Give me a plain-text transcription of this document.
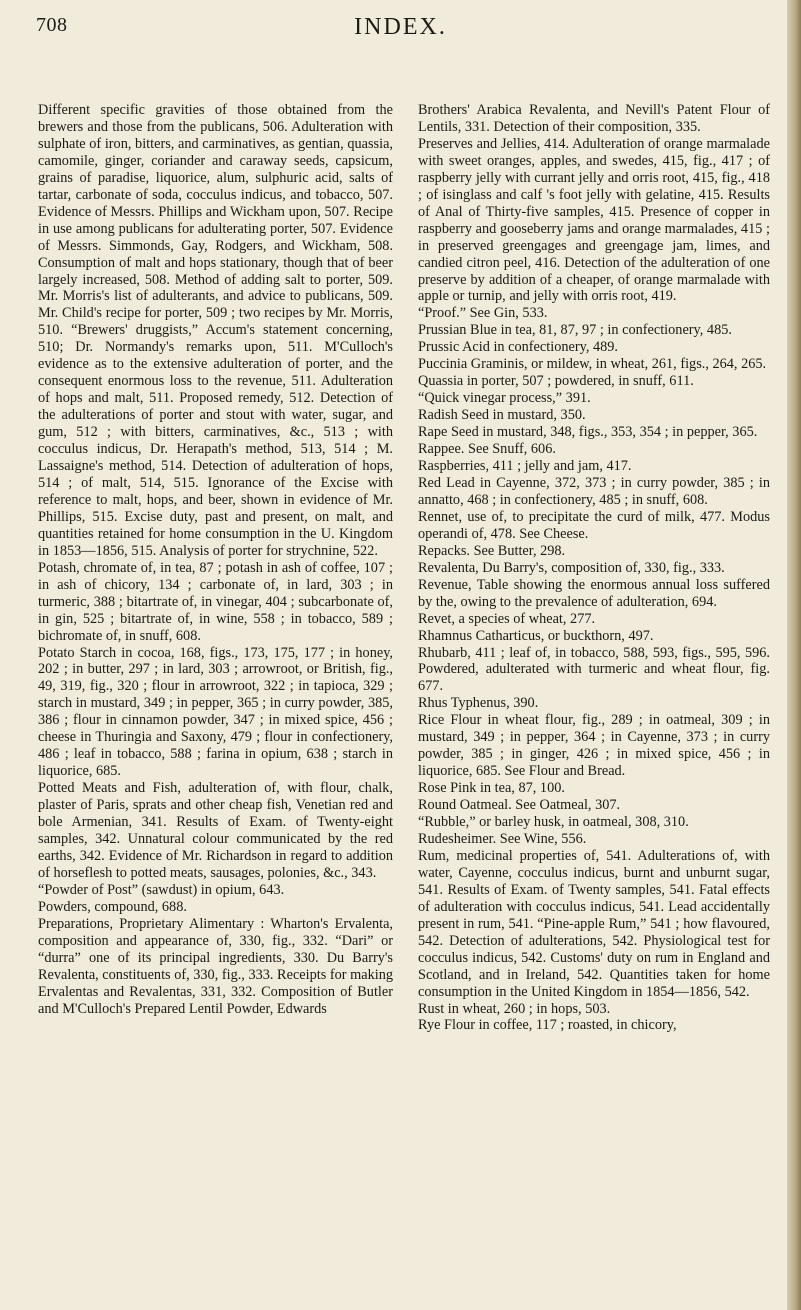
708	INDEX.

Different specific gravities of those obtained from the brewers and those from the publicans, 506. Adulteration with sulphate of iron, bitters, and carminatives, as gentian, quassia, camomile, ginger, coriander and caraway seeds, capsicum, grains of paradise, liquorice, alum, sulphuric acid, salts of tartar, carbonate of soda, cocculus indicus, and tobacco, 507. Evidence of Messrs. Phillips and Wickham upon, 507. Recipe in use among publicans for adulterating porter, 507. Evidence of Messrs. Simmonds, Gay, Rodgers, and Wickham, 508. Consumption of malt and hops stationary, though that of beer largely increased, 508. Method of adding salt to porter, 509. Mr. Morris's list of adulterants, and advice to publicans, 509. Mr. Child's recipe for porter, 509 ; two recipes by Mr. Morris, 510. “Brewers' druggists,” Accum's statement concerning, 510; Dr. Normandy's remarks upon, 511. M'Culloch's evidence as to the extensive adulteration of porter, and the consequent enormous loss to the revenue, 511. Adulteration of hops and malt, 511. Proposed remedy, 512. Detection of the adulterations of porter and stout with water, sugar, and gum, 512 ; with bitters, carminatives, &c., 513 ; with cocculus indicus, Dr. Herapath's method, 513, 514 ; M. Lassaigne's method, 514. Detection of adulteration of hops, 514 ; of malt, 514, 515. Ignorance of the Excise with reference to malt, hops, and beer, shown in evidence of Mr. Phillips, 515. Excise duty, past and present, on malt, and quantities retained for home consumption in the U. Kingdom in 1853—1856, 515. Analysis of porter for strychnine, 522.

Potash, chromate of, in tea, 87 ; potash in ash of coffee, 107 ; in ash of chicory, 134 ; carbonate of, in lard, 303 ; in turmeric, 388 ; bitartrate of, in vinegar, 404 ; subcarbonate of, in gin, 525 ; bitartrate of, in wine, 558 ; in tobacco, 589 ; bichromate of, in snuff, 608.

Potato Starch in cocoa, 168, figs., 173, 175, 177 ; in honey, 202 ; in butter, 297 ; in lard, 303 ; arrowroot, or British, fig., 49, 319, fig., 320 ; flour in arrowroot, 322 ; in tapioca, 329 ; starch in mustard, 349 ; in pepper, 365 ; in curry powder, 385, 386 ; flour in cinnamon powder, 347 ; in mixed spice, 456 ; cheese in Thuringia and Saxony, 479 ; flour in confectionery, 486 ; leaf in tobacco, 588 ; farina in opium, 638 ; starch in liquorice, 685.

Potted Meats and Fish, adulteration of, with flour, chalk, plaster of Paris, sprats and other cheap fish, Venetian red and bole Armenian, 341. Results of Exam. of Twenty-eight samples, 342. Unnatural colour communicated by the red earths, 342. Evidence of Mr. Richardson in regard to addition of horseflesh to potted meats, sausages, polonies, &c., 343.

“Powder of Post” (sawdust) in opium, 643.

Powders, compound, 688.

Preparations, Proprietary Alimentary : Wharton's Ervalenta, composition and appearance of, 330, fig., 332. “Dari” or “durra” one of its principal ingredients, 330. Du Barry's Revalenta, constituents of, 330, fig., 333. Receipts for making Ervalentas and Revalentas, 331, 332. Composition of Butler and M'Culloch's Prepared Lentil Powder, Edwards

Brothers' Arabica Revalenta, and Nevill's Patent Flour of Lentils, 331. Detection of their composition, 335.

Preserves and Jellies, 414. Adulteration of orange marmalade with sweet oranges, apples, and swedes, 415, fig., 417 ; of raspberry jelly with currant jelly and orris root, 415, fig., 418 ; of isinglass and calf 's foot jelly with gelatine, 415. Results of Anal of Thirty-five samples, 415. Presence of copper in raspberry and gooseberry jams and orange marmalades, 415 ; in preserved greengages and greengage jam, limes, and candied citron peel, 416. Detection of the adulteration of one preserve by addition of a cheaper, of orange marmalade with apple or turnip, and jelly with orris root, 419.

“Proof.” See Gin, 533.

Prussian Blue in tea, 81, 87, 97 ; in confectionery, 485.

Prussic Acid in confectionery, 489.

Puccinia Graminis, or mildew, in wheat, 261, figs., 264, 265.

Quassia in porter, 507 ; powdered, in snuff, 611.

“Quick vinegar process,” 391.

Radish Seed in mustard, 350.

Rape Seed in mustard, 348, figs., 353, 354 ; in pepper, 365.

Rappee. See Snuff, 606.

Raspberries, 411 ; jelly and jam, 417.

Red Lead in Cayenne, 372, 373 ; in curry powder, 385 ; in annatto, 468 ; in confectionery, 485 ; in snuff, 608.

Rennet, use of, to precipitate the curd of milk, 477. Modus operandi of, 478. See Cheese.

Repacks. See Butter, 298.

Revalenta, Du Barry's, composition of, 330, fig., 333.

Revenue, Table showing the enormous annual loss suffered by the, owing to the prevalence of adulteration, 694.

Revet, a species of wheat, 277.

Rhamnus Catharticus, or buckthorn, 497.

Rhubarb, 411 ; leaf of, in tobacco, 588, 593, figs., 595, 596. Powdered, adulterated with turmeric and wheat flour, fig. 677.

Rhus Typhenus, 390.

Rice Flour in wheat flour, fig., 289 ; in oatmeal, 309 ; in mustard, 349 ; in pepper, 364 ; in Cayenne, 373 ; in curry powder, 385 ; in ginger, 426 ; in mixed spice, 456 ; in liquorice, 685. See Flour and Bread.

Rose Pink in tea, 87, 100.

Round Oatmeal. See Oatmeal, 307.

“Rubble,” or barley husk, in oatmeal, 308, 310.

Rudesheimer. See Wine, 556.

Rum, medicinal properties of, 541. Adulterations of, with water, Cayenne, cocculus indicus, burnt and unburnt sugar, 541. Results of Exam. of Twenty samples, 541. Fatal effects of adulteration with cocculus indicus, 541. Lead accidentally present in rum, 541. “Pine-apple Rum,” 541 ; how flavoured, 542. Detection of adulterations, 542. Physiological test for cocculus indicus, 542. Customs' duty on rum in England and Scotland, and in Ireland, 542. Quantities taken for home consumption in the United Kingdom in 1854—1856, 542.

Rust in wheat, 260 ; in hops, 503.

Rye Flour in coffee, 117 ; roasted, in chicory,
